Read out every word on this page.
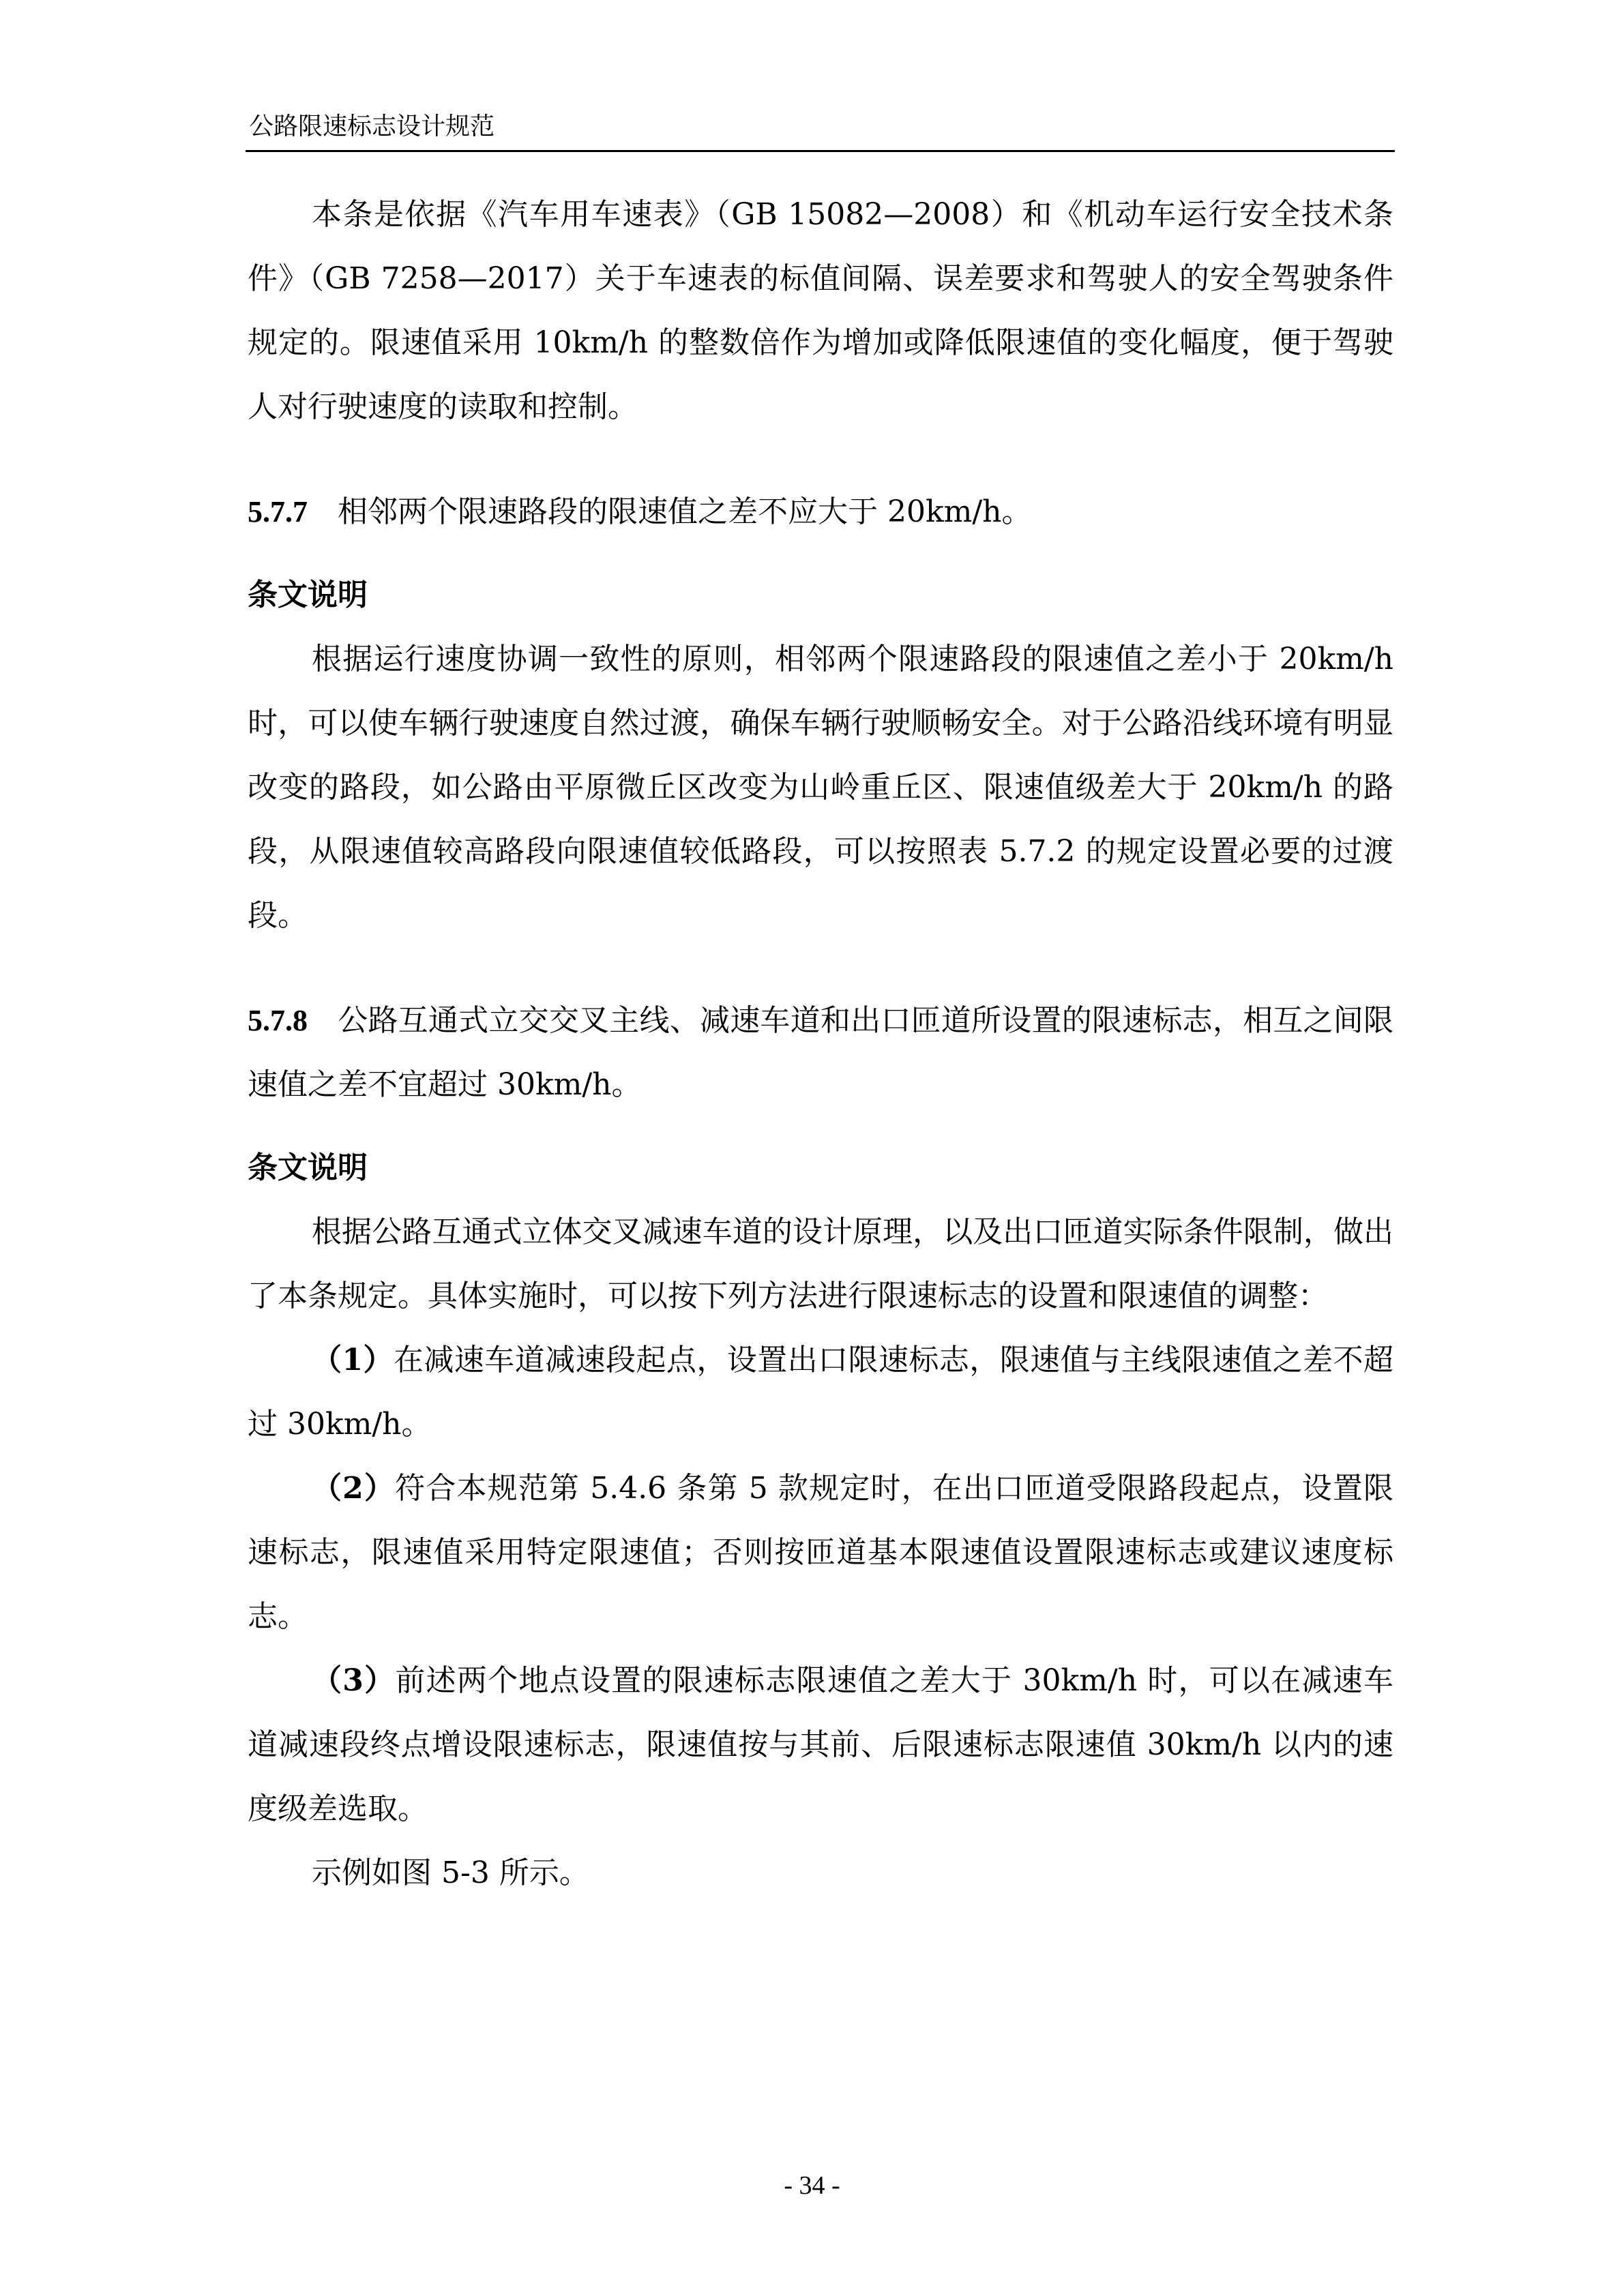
公路限速标志设计规范

本条是依据《汽车用车速表》（GB 15082—2008）和《机动车运行安全技术条件》（GB 7258—2017）关于车速表的标值间隔、误差要求和驾驶人的安全驾驶条件规定的。限速值采用 10km/h 的整数倍作为增加或降低限速值的变化幅度，便于驾驶人对行驶速度的读取和控制。

5.7.7 相邻两个限速路段的限速值之差不应大于 20km/h。

条文说明

根据运行速度协调一致性的原则，相邻两个限速路段的限速值之差小于 20km/h 时，可以使车辆行驶速度自然过渡，确保车辆行驶顺畅安全。对于公路沿线环境有明显改变的路段，如公路由平原微丘区改变为山岭重丘区、限速值级差大于 20km/h 的路段，从限速值较高路段向限速值较低路段，可以按照表 5.7.2 的规定设置必要的过渡段。

5.7.8 公路互通式立交交叉主线、减速车道和出口匝道所设置的限速标志，相互之间限速值之差不宜超过 30km/h。

条文说明

根据公路互通式立体交叉减速车道的设计原理，以及出口匝道实际条件限制，做出了本条规定。具体实施时，可以按下列方法进行限速标志的设置和限速值的调整：

（1）在减速车道减速段起点，设置出口限速标志，限速值与主线限速值之差不超过 30km/h。

（2）符合本规范第 5.4.6 条第 5 款规定时，在出口匝道受限路段起点，设置限速标志，限速值采用特定限速值；否则按匝道基本限速值设置限速标志或建议速度标志。

（3）前述两个地点设置的限速标志限速值之差大于 30km/h 时，可以在减速车道减速段终点增设限速标志，限速值按与其前、后限速标志限速值 30km/h 以内的速度级差选取。

示例如图 5-3 所示。

- 34 -
